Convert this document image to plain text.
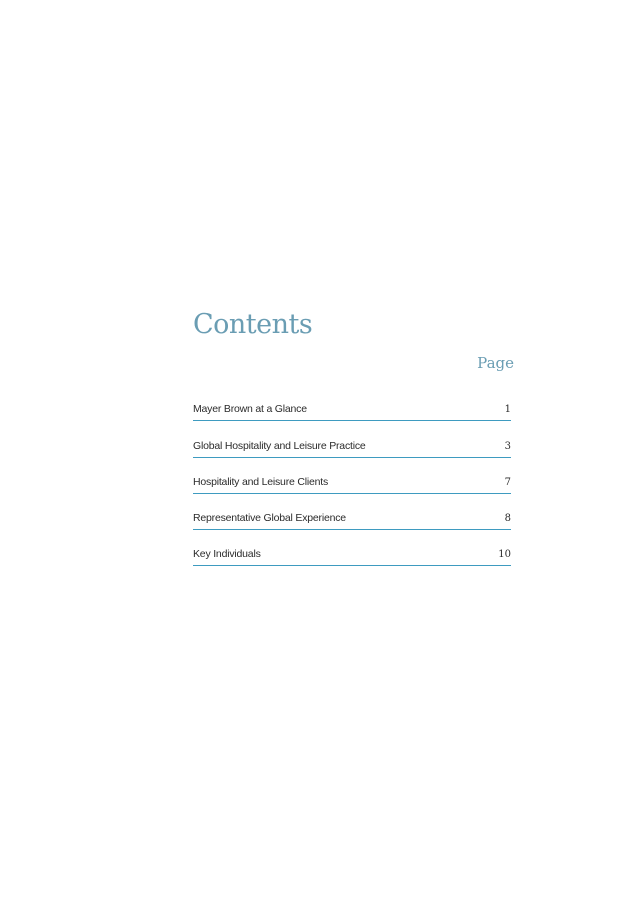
Contents
Page
Mayer Brown at a Glance	1
Global Hospitality and Leisure Practice	3
Hospitality and Leisure Clients	7
Representative Global Experience	8
Key Individuals	10
